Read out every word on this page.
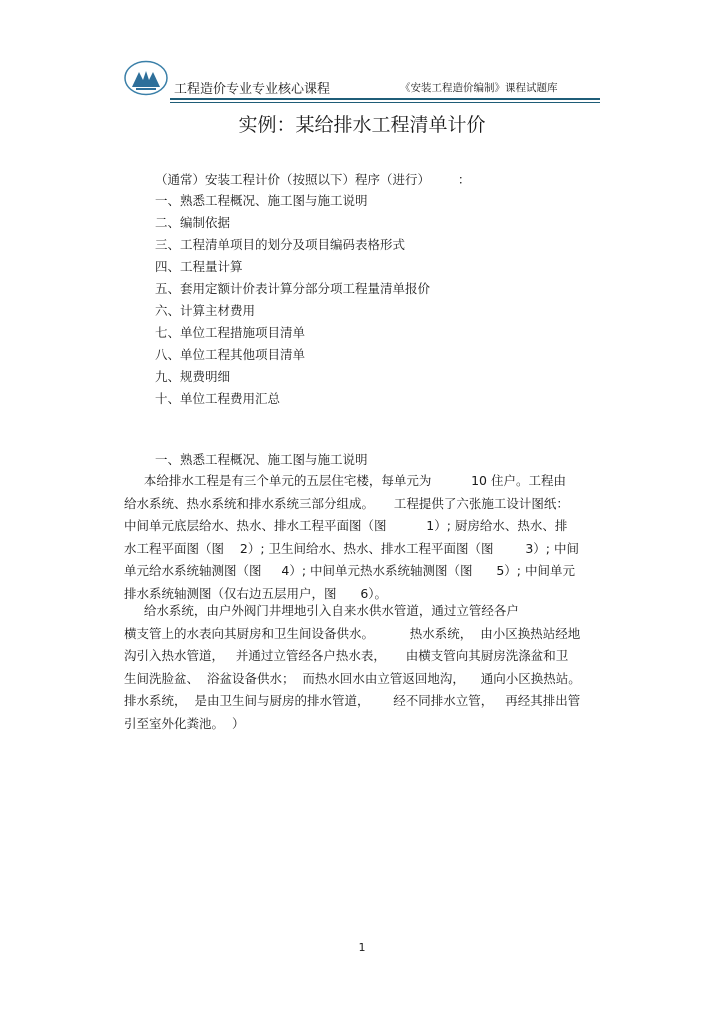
工程造价专业专业核心课程	《安装工程造价编制》课程试题库
实例：某给排水工程清单计价
（通常）安装工程计价（按照以下）程序（进行）       ：
一、熟悉工程概况、施工图与施工说明
二、编制依据
三、工程清单项目的划分及项目编码表格形式
四、工程量计算
五、套用定额计价表计算分部分项工程量清单报价
六、计算主材费用
七、单位工程措施项目清单
八、单位工程其他项目清单
九、规费明细
十、单位工程费用汇总
一、熟悉工程概况、施工图与施工说明
本给排水工程是有三个单元的五层住宅楼，每单元为          10 住户。工程由
给水系统、热水系统和排水系统三部分组成。     工程提供了六张施工设计图纸：
中间单元底层给水、热水、排水工程平面图（图          1）; 厨房给水、热水、排
水工程平面图（图    2）; 卫生间给水、热水、排水工程平面图（图        3）; 中间
单元给水系统轴测图（图     4）; 中间单元热水系统轴测图（图      5）; 中间单元
排水系统轴测图（仅右边五层用户，图      6）。
给水系统，由户外阀门井埋地引入自来水供水管道，通过立管经各户
横支管上的水表向其厨房和卫生间设备供水。         热水系统，  由小区换热站经地
沟引入热水管道，   并通过立管经各户热水表，     由横支管向其厨房洗涤盆和卫
生间洗脸盆、  浴盆设备供水；  而热水回水由立管返回地沟，    通向小区换热站。
排水系统，  是由卫生间与厨房的排水管道，      经不同排水立管，   再经其排出管
引至室外化粪池。  ）
1
